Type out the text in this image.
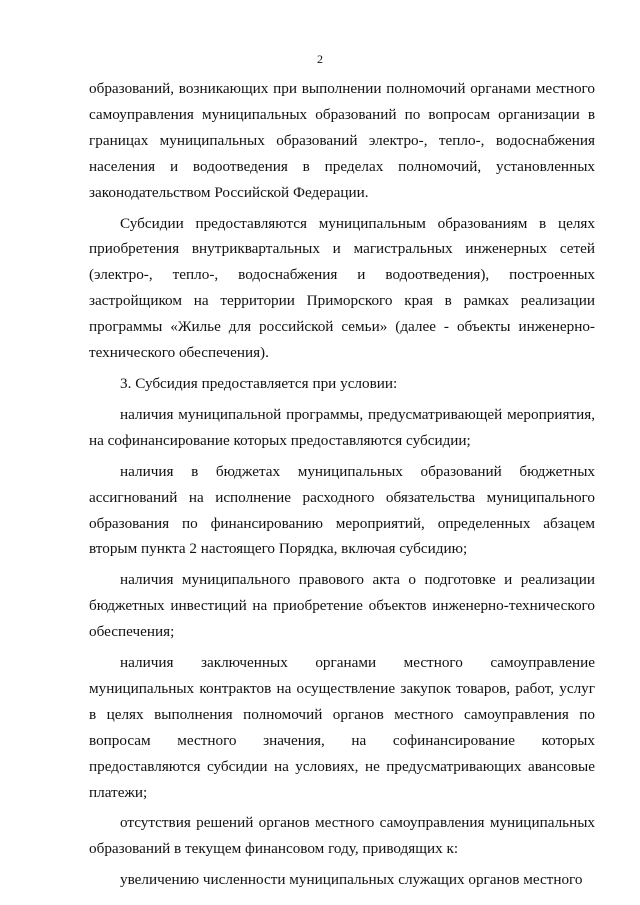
2

образований, возникающих при выполнении полномочий органами местного самоуправления муниципальных образований по вопросам организации в границах муниципальных образований электро-, тепло-, водоснабжения населения и водоотведения в пределах полномочий, установленных законодательством Российской Федерации.

Субсидии предоставляются муниципальным образованиям в целях приобретения внутриквартальных и магистральных инженерных сетей (электро-, тепло-, водоснабжения и водоотведения), построенных застройщиком на территории Приморского края в рамках реализации программы «Жилье для российской семьи» (далее - объекты инженерно-технического обеспечения).

3. Субсидия предоставляется при условии:

наличия муниципальной программы, предусматривающей мероприятия, на софинансирование которых предоставляются субсидии;

наличия в бюджетах муниципальных образований бюджетных ассигнований на исполнение расходного обязательства муниципального образования по финансированию мероприятий, определенных абзацем вторым пункта 2 настоящего Порядка, включая субсидию;

наличия муниципального правового акта о подготовке и реализации бюджетных инвестиций на приобретение объектов инженерно-технического обеспечения;

наличия заключенных органами местного самоуправление муниципальных контрактов на осуществление закупок товаров, работ, услуг в целях выполнения полномочий органов местного самоуправления по вопросам местного значения, на софинансирование которых предоставляются субсидии на условиях, не предусматривающих авансовые платежи;

отсутствия решений органов местного самоуправления муниципальных образований в текущем финансовом году, приводящих к:

увеличению численности муниципальных служащих органов местного
